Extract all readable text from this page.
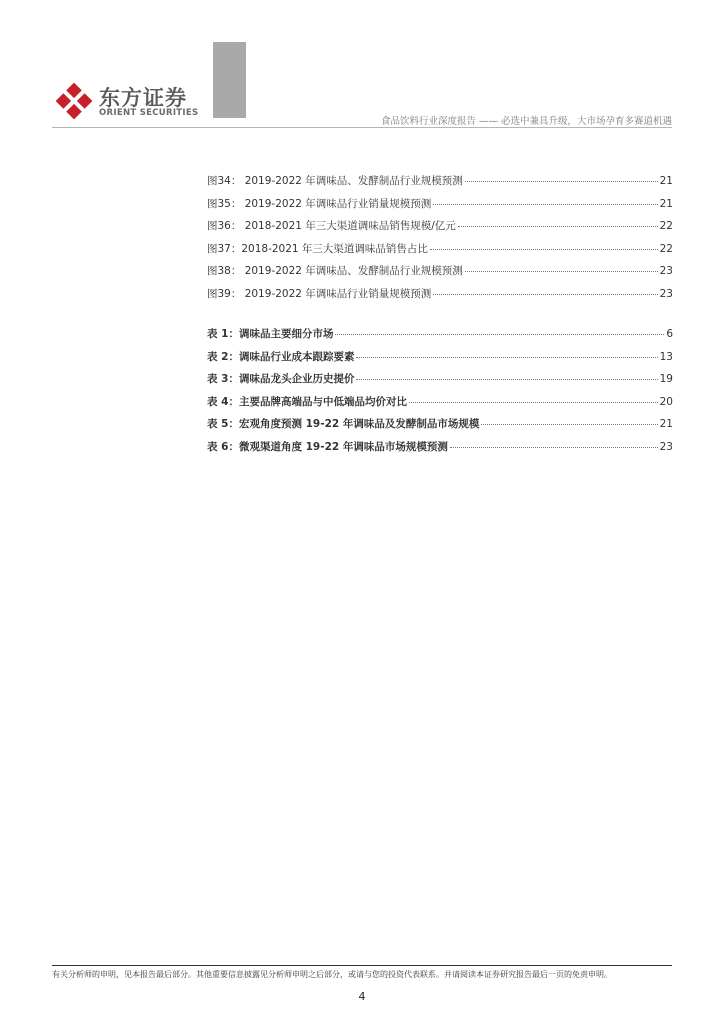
东方证券
ORIENT SECURITIES
食品饮料行业深度报告 —— 必选中兼具升级，大市场孕育多赛道机遇
图34： 2019-2022 年调味品、发酵制品行业规模预测	21
图35： 2019-2022 年调味品行业销量规模预测	21
图36： 2018-2021 年三大渠道调味品销售规模/亿元	22
图37：2018-2021 年三大渠道调味品销售占比	22
图38： 2019-2022 年调味品、发酵制品行业规模预测	23
图39： 2019-2022 年调味品行业销量规模预测	23
表 1：调味品主要细分市场	6
表 2：调味品行业成本跟踪要素	13
表 3：调味品龙头企业历史提价	19
表 4：主要品牌高端品与中低端品均价对比	20
表 5：宏观角度预测 19-22 年调味品及发酵制品市场规模	21
表 6：微观渠道角度 19-22 年调味品市场规模预测	23
有关分析师的申明，见本报告最后部分。其他重要信息披露见分析师申明之后部分，或请与您的投资代表联系。并请阅读本证券研究报告最后一页的免责申明。
4
